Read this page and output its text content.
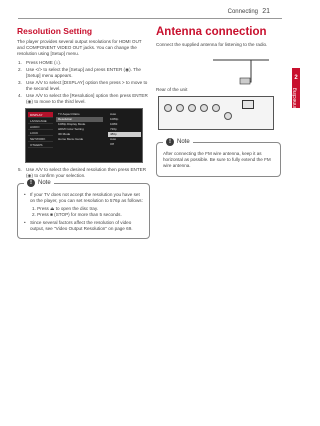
Connecting 21
2
Connecting
Resolution Setting
The player provides several output resolutions for HDMI OUT and COMPONENT VIDEO OUT jacks. You can change the resolution using [Setup] menu.
1. Press HOME (⌂).
2. Use </> to select the [Setup] and press ENTER (◉). The [Setup] menu appears.
3. Use Λ/V to select [DISPLAY] option then press > to move to the second level.
4. Use Λ/V to select the [Resolution] option then press ENTER (◉) to move to the third level.
DISPLAY
LANGUAGE
AUDIO
LOCK
NETWORK
OTHERS
TV Aspect Ratio
Resolution
1080p Display Mode
HDMI Color Setting
3D Mode
Home Menu Guide
Auto
1080p
1080i
720p
480p
Auto
Off
5. Use Λ/V to select the desired resolution then press ENTER (◉) to confirm your selection.
!	Note
• If your TV does not accept the resolution you have set on the player, you can set resolution to 576p as follows:
1. Press ⏏ to open the disc tray.
2. Press ■ (STOP) for more than 5 seconds.
• Since several factors affect the resolution of video output, see "Video Output Resolution" on page 69.
Antenna connection
Connect the supplied antenna for listening to the radio.
Rear of the unit
!	Note
After connecting the FM wire antenna, keep it as horizontal as possible. Be sure to fully extend the FM wire antenna.
